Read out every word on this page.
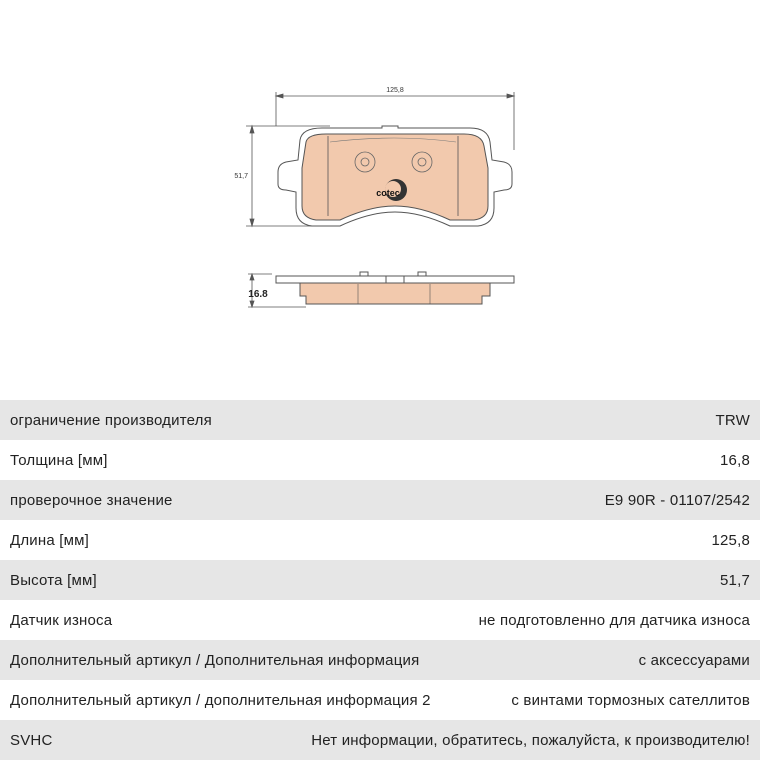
125,8
51,7
cotec
16.8
ограничение производителя	TRW
Толщина [мм]	16,8
проверочное значение	E9 90R - 01107/2542
Длина [мм]	125,8
Высота [мм]	51,7
Датчик износа	не подготовленно для датчика износа
Дополнительный артикул / Дополнительная информация	с аксессуарами
Дополнительный артикул / дополнительная информация 2	с винтами тормозных сателлитов
SVHC	Нет информации, обратитесь, пожалуйста, к производителю!
